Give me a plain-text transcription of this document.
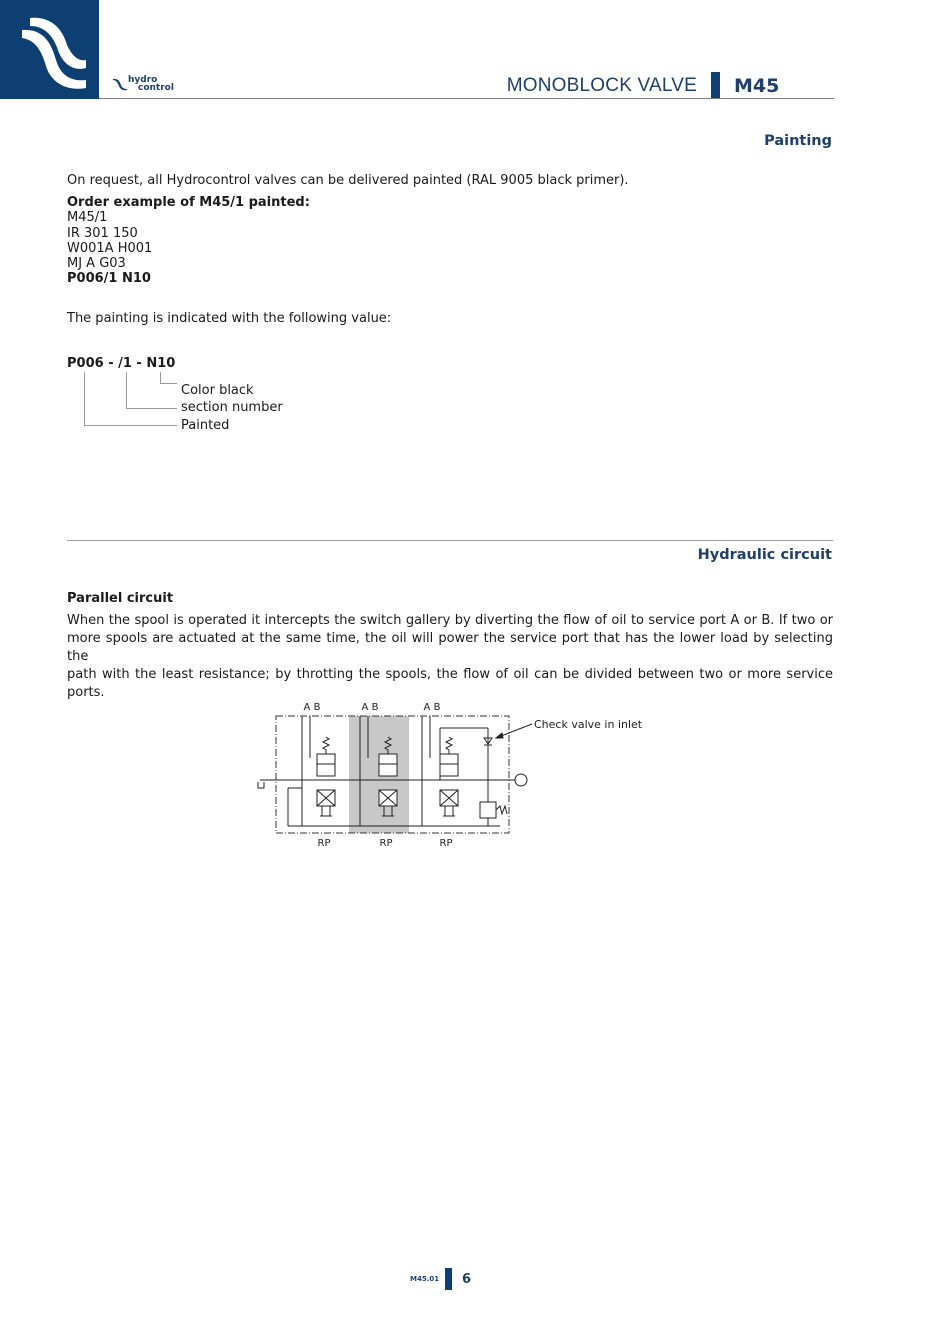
hydro
control	MONOBLOCK VALVE M45
Painting
On request, all Hydrocontrol valves can be delivered painted (RAL 9005 black primer).
Order example of M45/1 painted:
M45/1
IR 301 150
W001A H001
MJ A G03
P006/1 N10
The painting is indicated with the following value:
P006 - /1 - N10
Color black
section number
Painted
Hydraulic circuit
Parallel circuit
When the spool is operated it intercepts the switch gallery by diverting the flow of oil to service port A or B. If two or
more spools are actuated at the same time, the oil will power the service port that has the lower load by selecting the
path with the least resistance; by throtting the spools, the flow of oil can be divided between two or more service ports.
A B	A B	A B
RP	RP	RP
Check valve in inlet
M45.01 6
